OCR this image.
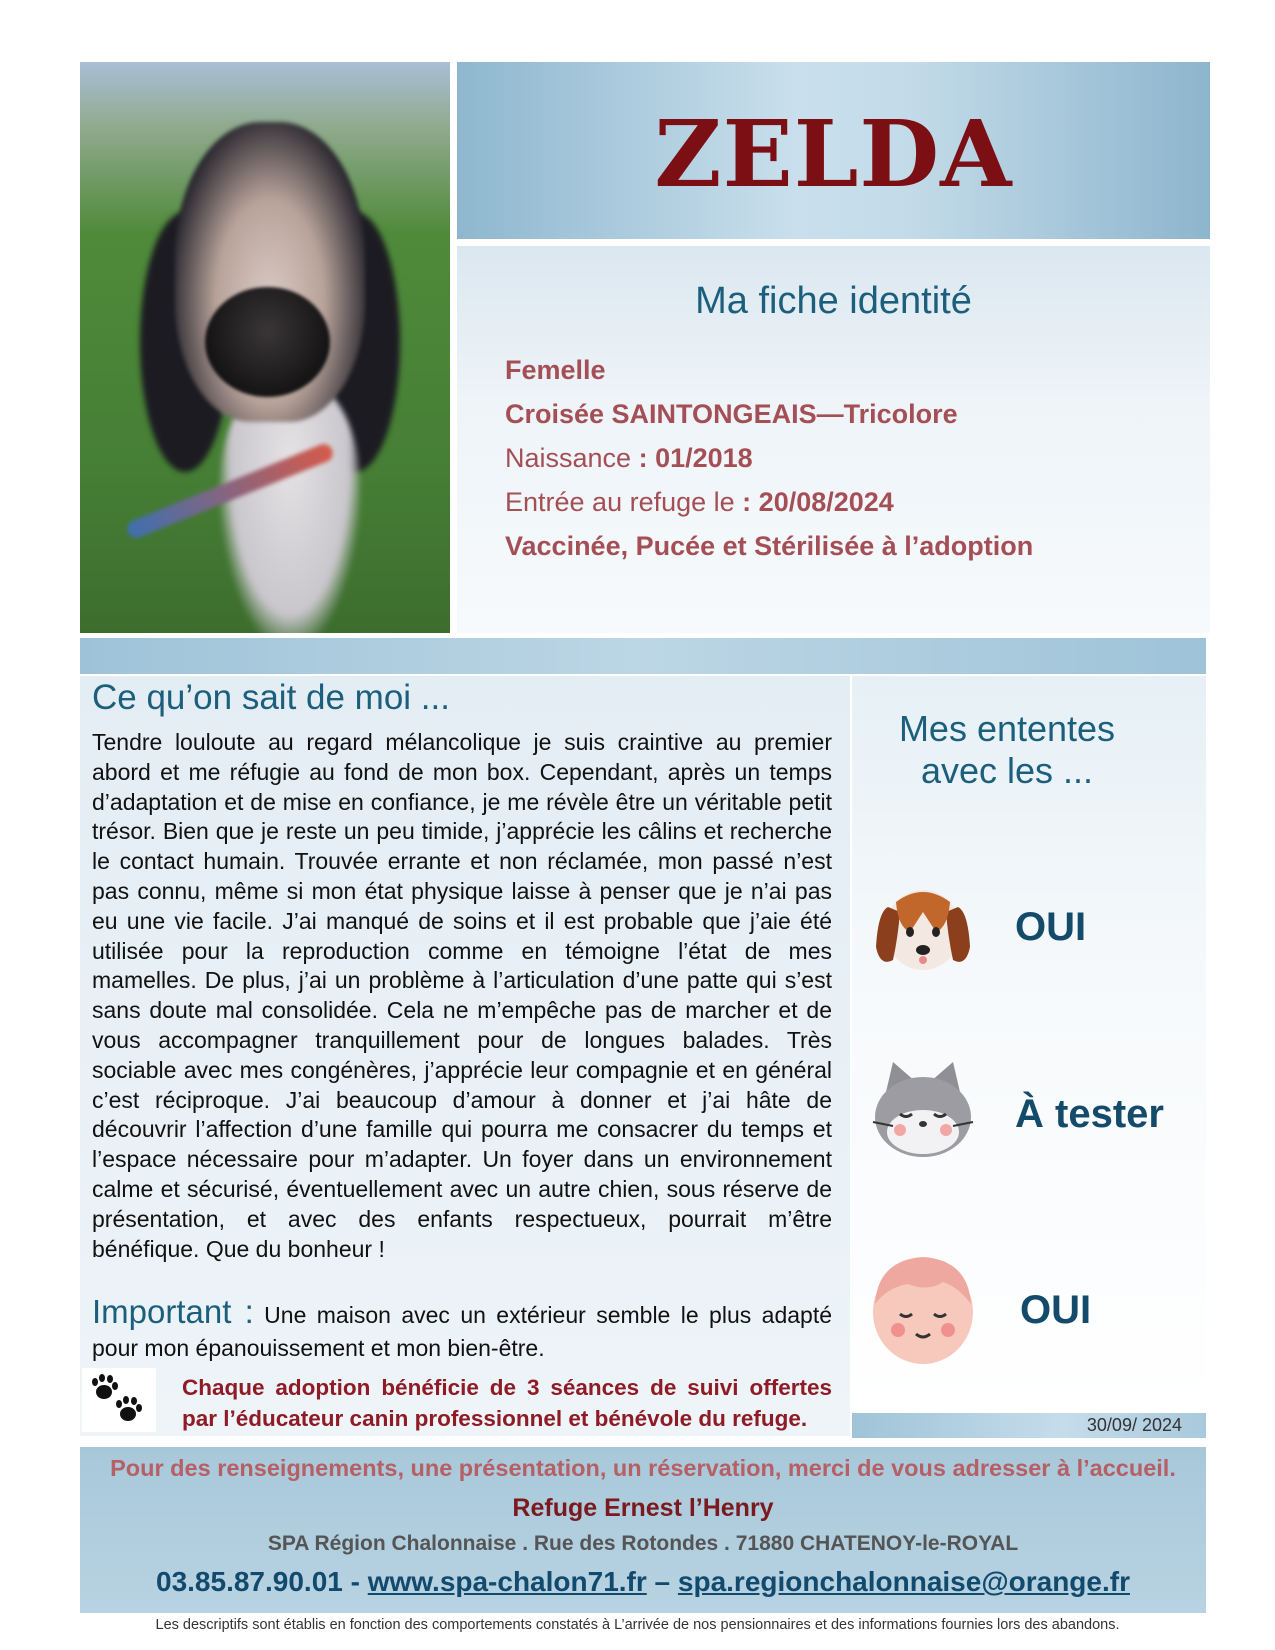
ZELDA
Ma fiche identité
Femelle
Croisée SAINTONGEAIS—Tricolore
Naissance : 01/2018
Entrée au refuge le : 20/08/2024
Vaccinée, Pucée et Stérilisée à l’adoption
Ce qu’on sait de moi ...
Tendre louloute au regard mélancolique je suis craintive au premier abord et me réfugie au fond de mon box. Cependant, après un temps d’adaptation et de mise en confiance, je me révèle être un véritable petit trésor. Bien que je reste un peu timide, j’apprécie les câlins et recherche le contact humain. Trouvée errante et non réclamée, mon passé n’est pas connu, même si mon état physique laisse à penser que je n’ai pas eu une vie facile. J’ai manqué de soins et il est probable que j’aie été utilisée pour la reproduction comme en témoigne l’état de mes mamelles. De plus, j’ai un problème à l’articulation d’une patte qui s’est sans doute mal consolidée. Cela ne m’empêche pas de marcher et de vous accompagner tranquillement pour de longues balades. Très sociable avec mes congénères, j’apprécie leur compagnie et en général c’est réciproque. J’ai beaucoup d’amour à donner et j’ai hâte de découvrir l’affection d’une famille qui pourra me consacrer du temps et l’espace nécessaire pour m’adapter. Un foyer dans un environnement calme et sécurisé, éventuellement avec un autre chien, sous réserve de présentation, et avec des enfants respectueux, pourrait m’être bénéfique. Que du bonheur !
Important : Une maison avec un extérieur semble le plus adapté pour mon épanouissement et mon bien-être.
Chaque adoption bénéficie de 3 séances de suivi offertes par l’éducateur canin professionnel et bénévole du refuge.
Mes ententes
avec les ...
OUI
À tester
OUI
30/09/ 2024
Pour des renseignements, une présentation, un réservation, merci de vous adresser à l’accueil.
Refuge Ernest l’Henry
SPA Région Chalonnaise . Rue des Rotondes . 71880 CHATENOY-le-ROYAL
03.85.87.90.01 - www.spa-chalon71.fr – spa.regionchalonnaise@orange.fr
Les descriptifs sont établis en fonction des comportements constatés à L’arrivée de nos pensionnaires et des informations fournies lors des abandons.
